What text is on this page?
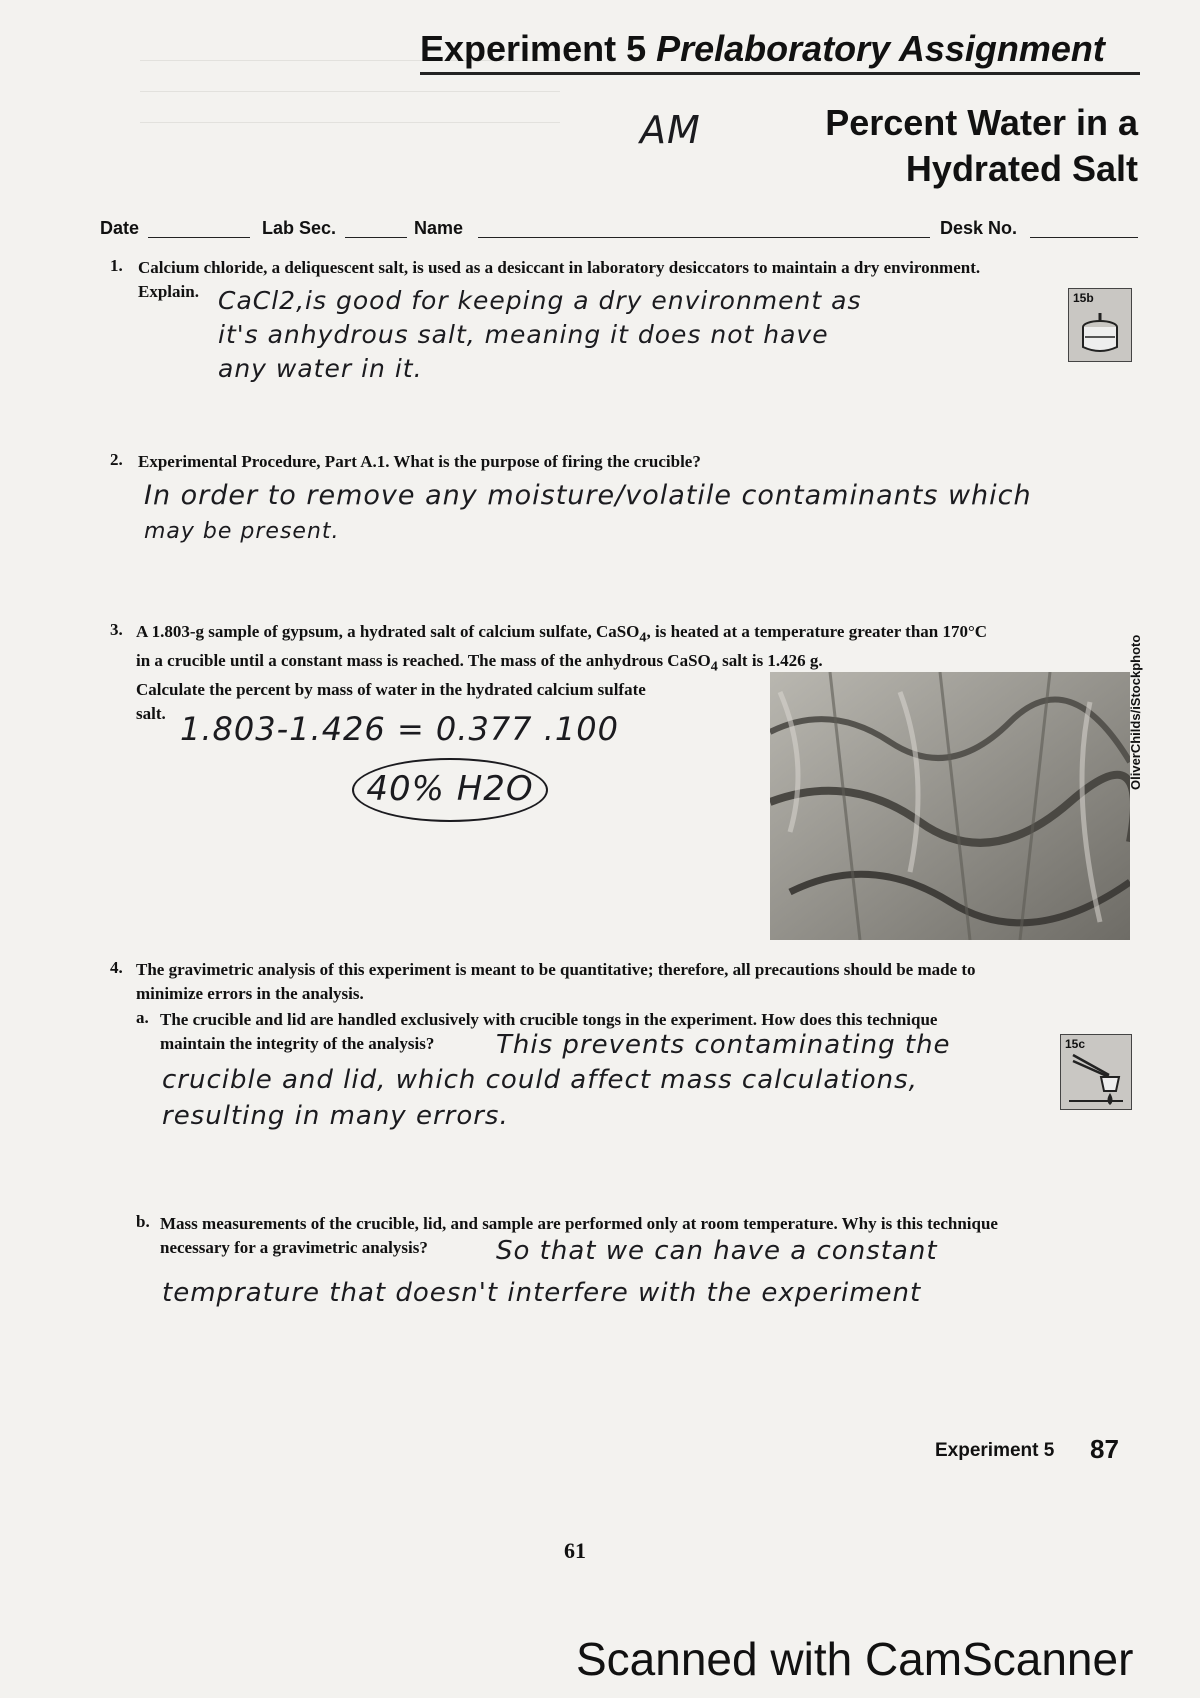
Experiment 5 Prelaboratory Assignment
AM	Percent Water in a
Hydrated Salt
Date	Lab Sec.	Name	Desk No.
1. Calcium chloride, a deliquescent salt, is used as a desiccant in laboratory desiccators to maintain a dry environment.
Explain. CaCl2,is good for keeping a dry environment as
it's anhydrous salt, meaning it does not have
any water in it.
15b
2. Experimental Procedure, Part A.1. What is the purpose of firing the crucible?
In order to remove any moisture/volatile contaminants which
may be present.
3. A 1.803-g sample of gypsum, a hydrated salt of calcium sulfate, CaSO$_4$, is heated at a temperature greater than 170°C
in a crucible until a constant mass is reached. The mass of the anhydrous CaSO$_4$ salt is 1.426 g.
Calculate the percent by mass of water in the hydrated calcium sulfate
salt. 1.803-1.426 = 0.377 .100
40% H2O	OliverChilds/iStockphoto
4. The gravimetric analysis of this experiment is meant to be quantitative; therefore, all precautions should be made to
minimize errors in the analysis.
a. The crucible and lid are handled exclusively with crucible tongs in the experiment. How does this technique
maintain the integrity of the analysis?	This prevents contaminating the
crucible and lid, which could affect mass calculations,
resulting in many errors.
15c
b. Mass measurements of the crucible, lid, and sample are performed only at room temperature. Why is this technique
necessary for a gravimetric analysis?	So that we can have a constant
temprature that doesn't interfere with the experiment
Experiment 5 87
61
Scanned with CamScanner
